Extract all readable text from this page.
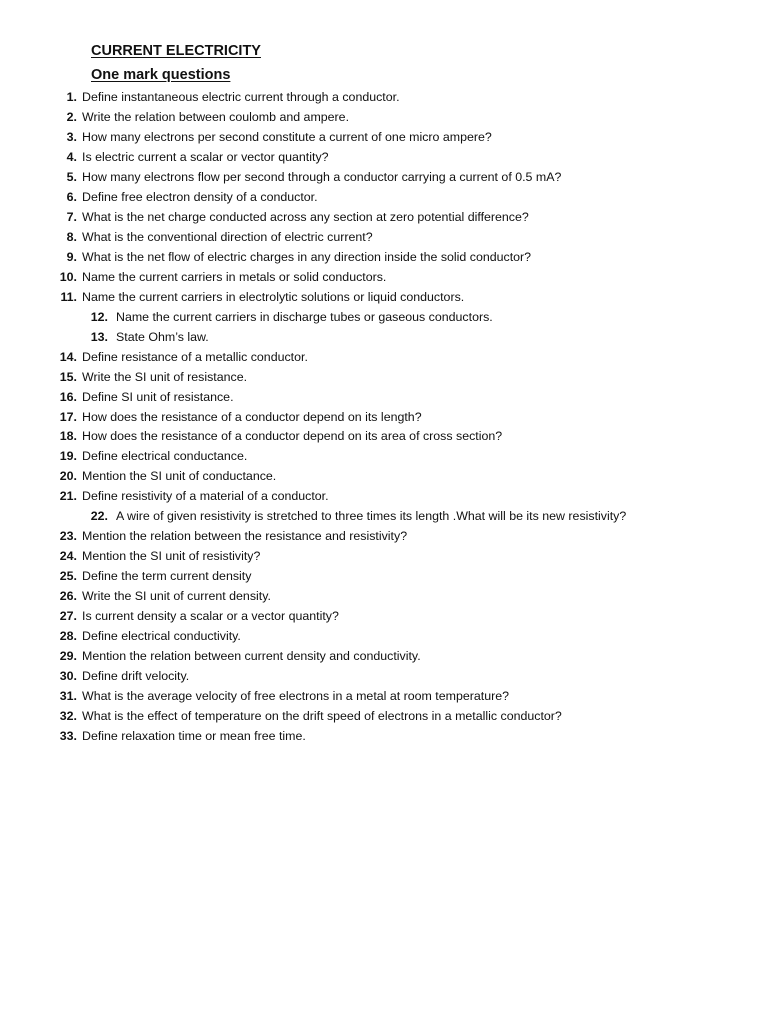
CURRENT ELECTRICITY
One mark questions
1. Define instantaneous electric current through a conductor.
2. Write the relation between coulomb and ampere.
3. How many electrons per second constitute a current of one micro ampere?
4. Is electric current a scalar or vector quantity?
5. How many electrons flow per second through a conductor carrying a current of 0.5 mA?
6. Define free electron density of a conductor.
7. What is the net charge conducted across any section at zero potential difference?
8. What is the conventional direction of electric current?
9. What is the net flow of electric charges in any direction inside the solid conductor?
10. Name the current carriers in metals or solid conductors.
11. Name the current carriers in electrolytic solutions or liquid conductors.
12. Name the current carriers in discharge tubes or gaseous conductors.
13. State Ohm’s law.
14. Define resistance of a metallic conductor.
15. Write the SI unit of resistance.
16. Define SI unit of resistance.
17. How does the resistance of a conductor depend on its length?
18. How does the resistance of a conductor depend on its area of cross section?
19. Define electrical conductance.
20. Mention the SI unit of conductance.
21. Define resistivity of a material of a conductor.
22. A wire of given resistivity is stretched to three times its length .What will be its new resistivity?
23. Mention the relation between the resistance and resistivity?
24. Mention the SI unit of resistivity?
25. Define the term current density
26. Write the SI unit of current density.
27. Is current density a scalar or a vector quantity?
28. Define electrical conductivity.
29. Mention the relation between current density and conductivity.
30. Define drift velocity.
31. What is the average velocity of free electrons in a metal at room temperature?
32. What is the effect of temperature on the drift speed of electrons in a metallic conductor?
33. Define relaxation time or mean free time.
